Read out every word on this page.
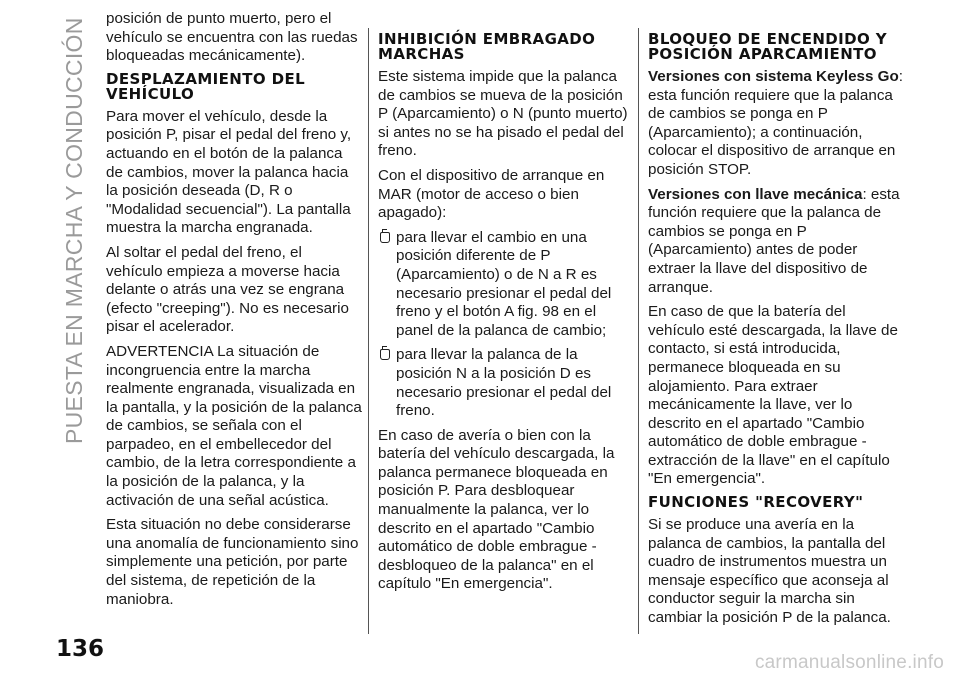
PUESTA EN MARCHA Y CONDUCCIÓN posición de punto muerto, pero el vehículo se encuentra con las ruedas bloqueadas mecánicamente).

DESPLAZAMIENTO DEL VEHÍCULO

Para mover el vehículo, desde la posición P, pisar el pedal del freno y, actuando en el botón de la palanca de cambios, mover la palanca hacia la posición deseada (D, R o "Modalidad secuencial"). La pantalla muestra la marcha engranada.

Al soltar el pedal del freno, el vehículo empieza a moverse hacia delante o atrás una vez se engrana (efecto "creeping"). No es necesario pisar el acelerador.

ADVERTENCIA La situación de incongruencia entre la marcha realmente engranada, visualizada en la pantalla, y la posición de la palanca de cambios, se señala con el parpadeo, en el embellecedor del cambio, de la letra correspondiente a la posición de la palanca, y la activación de una señal acústica.

Esta situación no debe considerarse una anomalía de funcionamiento sino simplemente una petición, por parte del sistema, de repetición de la maniobra.

INHIBICIÓN EMBRAGADO MARCHAS

Este sistema impide que la palanca de cambios se mueva de la posición P (Aparcamiento) o N (punto muerto) si antes no se ha pisado el pedal del freno.

Con el dispositivo de arranque en MAR (motor de acceso o bien apagado):

para llevar el cambio en una posición diferente de P (Aparcamiento) o de N a R es necesario presionar el pedal del freno y el botón A fig. 98 en el panel de la palanca de cambio;

para llevar la palanca de la posición N a la posición D es necesario presionar el pedal del freno.

En caso de avería o bien con la batería del vehículo descargada, la palanca permanece bloqueada en posición P. Para desbloquear manualmente la palanca, ver lo descrito en el apartado "Cambio automático de doble embrague - desbloqueo de la palanca" en el capítulo "En emergencia".

BLOQUEO DE ENCENDIDO Y POSICIÓN APARCAMIENTO

Versiones con sistema Keyless Go: esta función requiere que la palanca de cambios se ponga en P (Aparcamiento); a continuación, colocar el dispositivo de arranque en posición STOP.

Versiones con llave mecánica: esta función requiere que la palanca de cambios se ponga en P (Aparcamiento) antes de poder extraer la llave del dispositivo de arranque.

En caso de que la batería del vehículo esté descargada, la llave de contacto, si está introducida, permanece bloqueada en su alojamiento. Para extraer mecánicamente la llave, ver lo descrito en el apartado "Cambio automático de doble embrague - extracción de la llave" en el capítulo "En emergencia".

FUNCIONES "RECOVERY"

Si se produce una avería en la palanca de cambios, la pantalla del cuadro de instrumentos muestra un mensaje específico que aconseja al conductor seguir la marcha sin cambiar la posición P de la palanca.

136
carmanualsonline.info
